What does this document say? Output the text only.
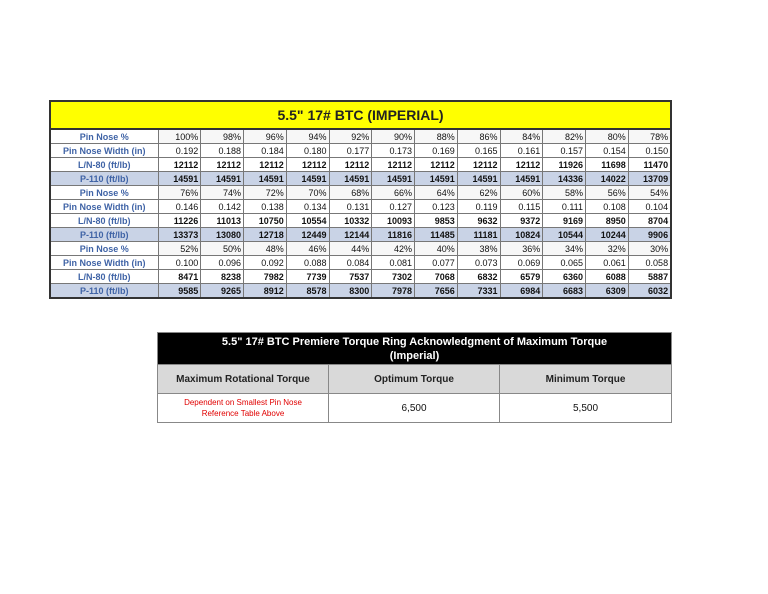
5.5" 17# BTC (IMPERIAL)												
Pin Nose %	100%	98%	96%	94%	92%	90%	88%	86%	84%	82%	80%	78%
Pin Nose Width (in)	0.192	0.188	0.184	0.180	0.177	0.173	0.169	0.165	0.161	0.157	0.154	0.150
L/N-80 (ft/lb)	12112	12112	12112	12112	12112	12112	12112	12112	12112	11926	11698	11470
P-110 (ft/lb)	14591	14591	14591	14591	14591	14591	14591	14591	14591	14336	14022	13709
Pin Nose %	76%	74%	72%	70%	68%	66%	64%	62%	60%	58%	56%	54%
Pin Nose Width (in)	0.146	0.142	0.138	0.134	0.131	0.127	0.123	0.119	0.115	0.111	0.108	0.104
L/N-80 (ft/lb)	11226	11013	10750	10554	10332	10093	9853	9632	9372	9169	8950	8704
P-110 (ft/lb)	13373	13080	12718	12449	12144	11816	11485	11181	10824	10544	10244	9906
Pin Nose %	52%	50%	48%	46%	44%	42%	40%	38%	36%	34%	32%	30%
Pin Nose Width (in)	0.100	0.096	0.092	0.088	0.084	0.081	0.077	0.073	0.069	0.065	0.061	0.058
L/N-80 (ft/lb)	8471	8238	7982	7739	7537	7302	7068	6832	6579	6360	6088	5887
P-110 (ft/lb)	9585	9265	8912	8578	8300	7978	7656	7331	6984	6683	6309	6032
5.5" 17# BTC Premiere Torque Ring Acknowledgment of Maximum Torque
(Imperial)		

Maximum Rotational Torque	Optimum Torque	Minimum Torque

Dependent on Smallest Pin Nose
Reference Table Above	6,500	5,500
